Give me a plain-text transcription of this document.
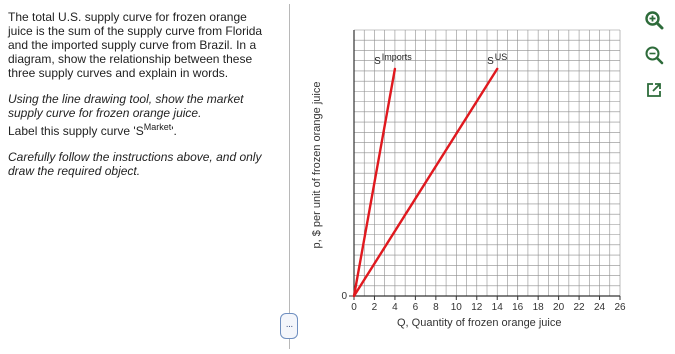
The total U.S. supply curve for frozen orange juice is the sum of the supply curve from Florida and the imported supply curve from Brazil. In a diagram, show the relationship between these three supply curves and explain in words.

Using the line drawing tool, show the market supply curve for frozen orange juice.

Label this supply curve '$S^{Market}$'.

Carefully follow the instructions above, and only draw the required object.

···
p, $ per unit of frozen orange juice
Q, Quantity of frozen orange juice
0 2 4 6 8 10 12 14 16 18 20 22 24 26
0
SImports	SUS
